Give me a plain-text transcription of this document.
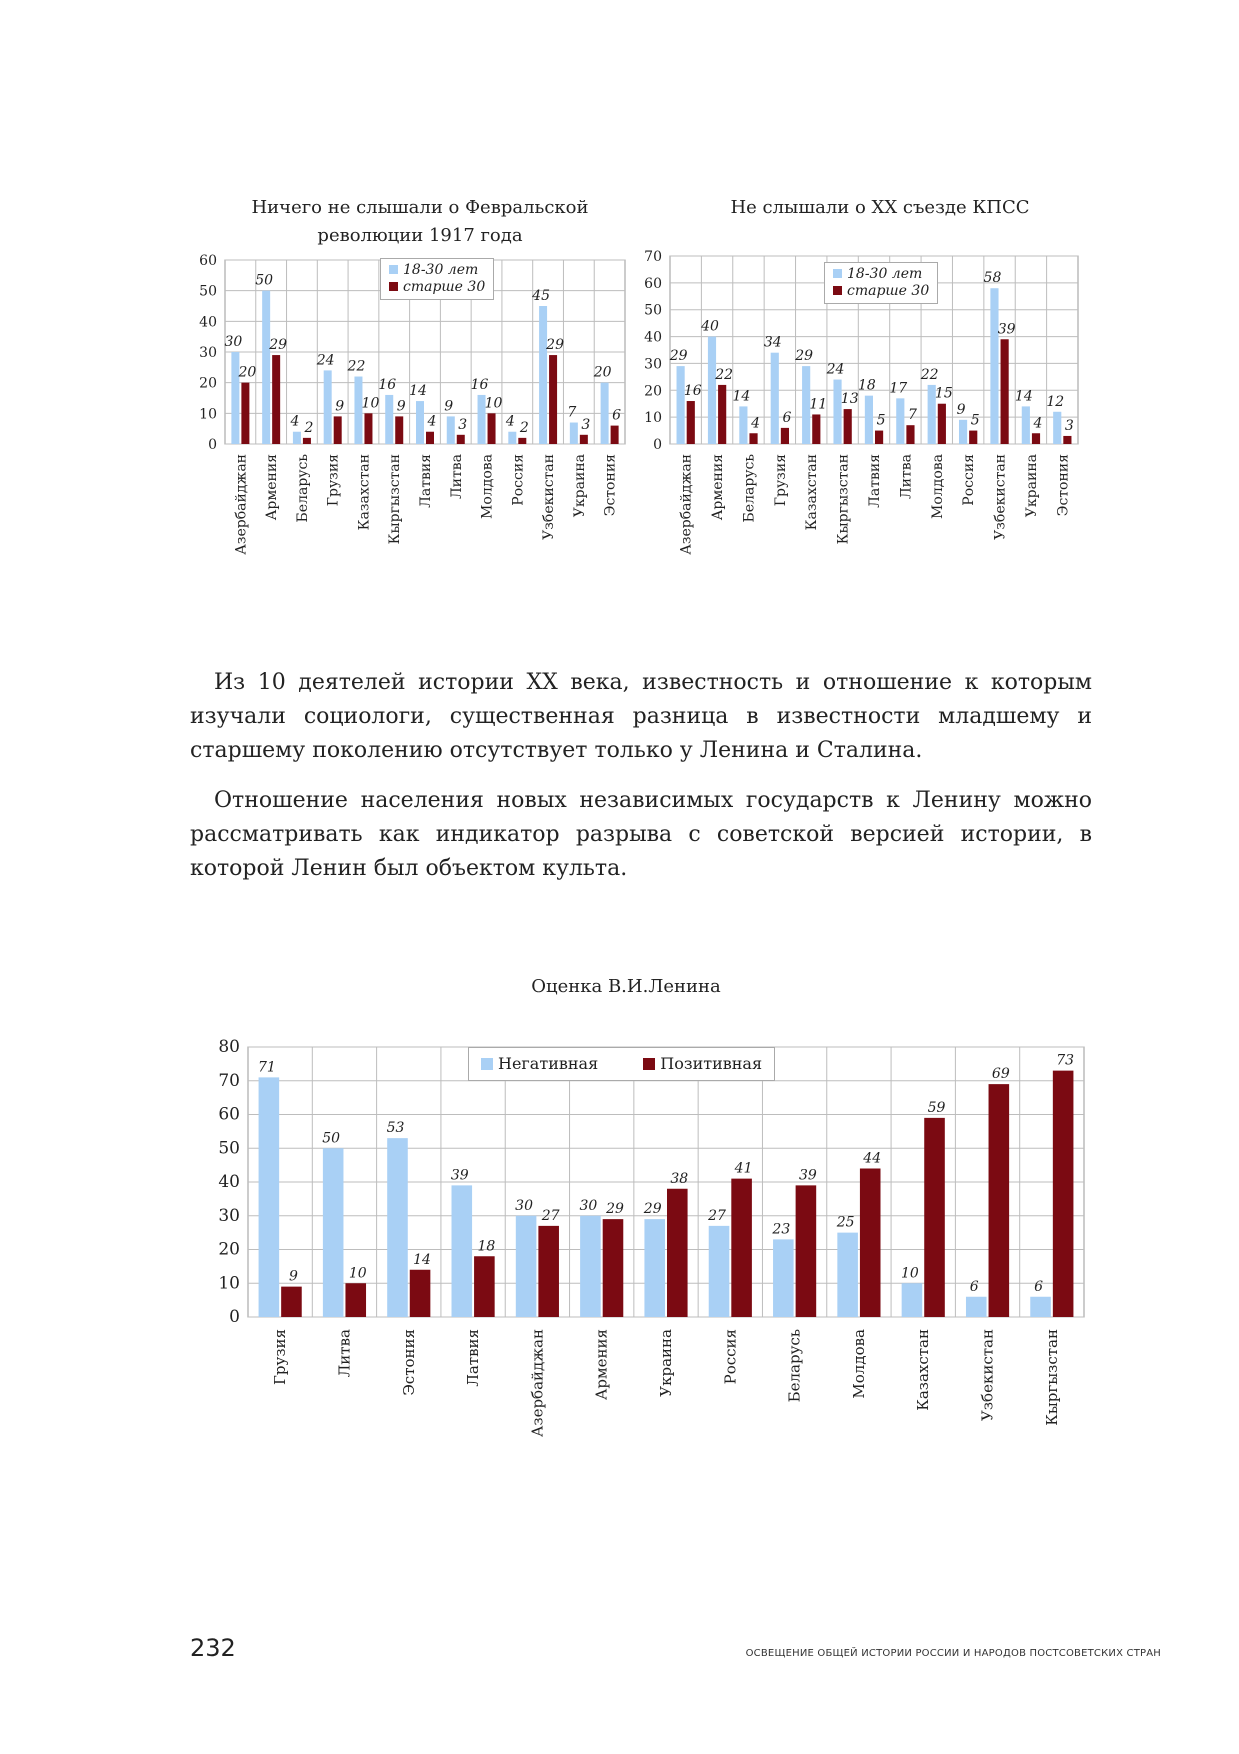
Ничего не слышали о Февральской
революции 1917 года
0
10
20
30
40
50
60
30
20
Азербайджан
50
29
Армения
4 2
Беларусь
24
9
Грузия
22
10
Казахстан
16
9
Кыргызстан
14
4
Латвия
9
3
Литва
16
10
Молдова
4 2
Россия
45
29
Узбекистан
7
3
Украина
20
6
Эстония
18-30 лет
старше 30
Не слышали о ХХ съезде КПСС
0
10
20
30
40
50
60
70
29
16
Азербайджан
40
22
Армения
14
4
Беларусь
34
6
Грузия
29
11
Казахстан
24
13
Кыргызстан
18
5
Латвия
17
7
Литва
22
15
Молдова
9
5
Россия
58
39
Узбекистан
14
4
Украина
12
3
Эстония
18-30 лет
старше 30

Из 10 деятелей истории ХХ века, известность и отношение к которым изучали социологи, существенная разница в известности младшему и старшему поколению отсутствует только у Ленина и Сталина.

Отношение населения новых независимых государств к Ленину можно рассматривать как индикатор разрыва с советской версией истории, в которой Ленин был объектом культа.

Оценка В.И.Ленина
0
10
20
30
40
50
60
70
80
71
9
Грузия
50
10
Литва
53
14
Эстония
39
18
Латвия
30
27
Азербайджан
30 29
Армения
29
38
Украина
27
41
Россия
23
39
Беларусь
25
44
Молдова
10
59
Казахстан
6
69
Узбекистан
6
73
Кыргызстан
Негативная	Позитивная
232	ОСВЕЩЕНИЕ ОБЩЕЙ ИСТОРИИ РОССИИ И НАРОДОВ ПОСТСОВЕТСКИХ СТРАН
